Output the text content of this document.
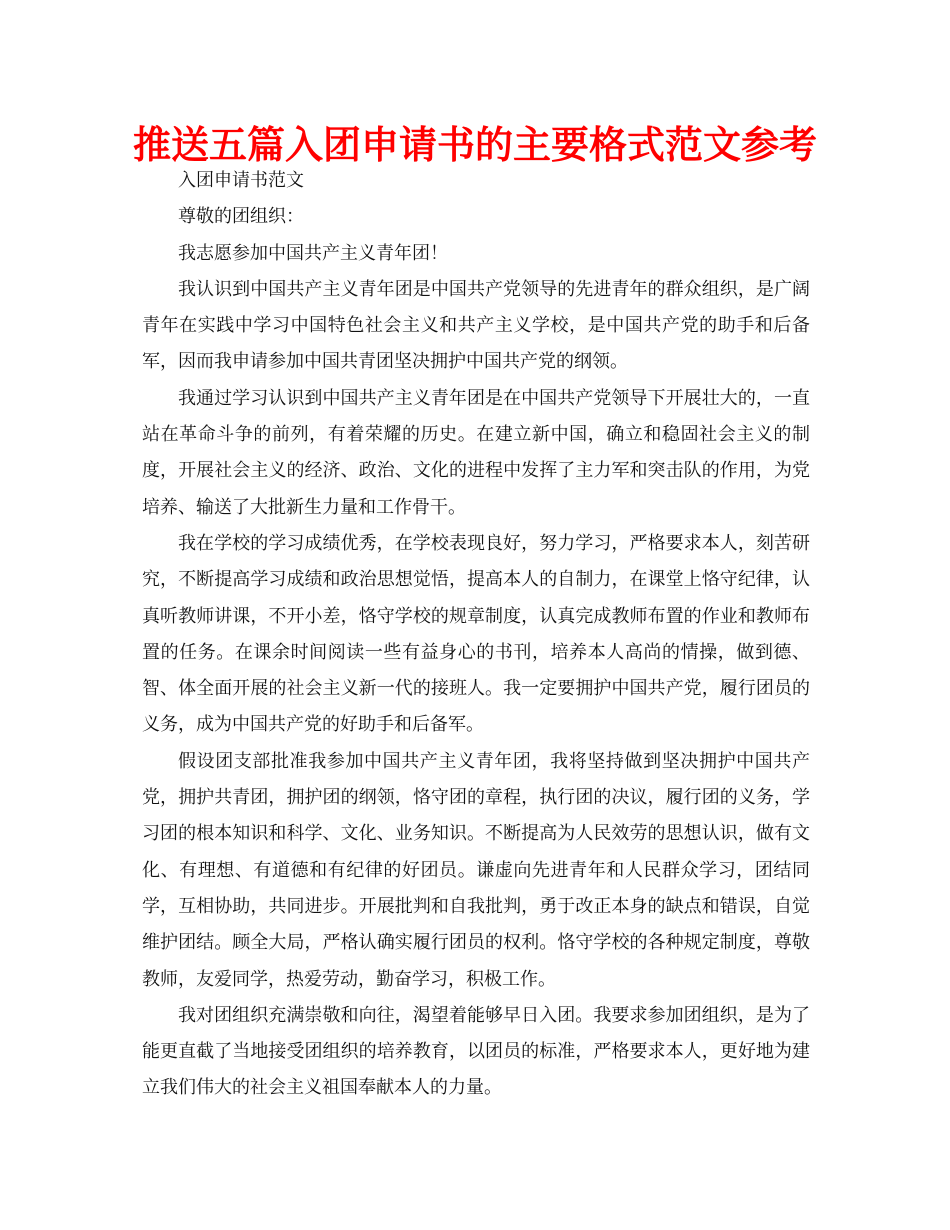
推送五篇入团申请书的主要格式范文参考

入团申请书范文

尊敬的团组织：

我志愿参加中国共产主义青年团！

我认识到中国共产主义青年团是中国共产党领导的先进青年的群众组织，是广阔青年在实践中学习中国特色社会主义和共产主义学校，是中国共产党的助手和后备军，因而我申请参加中国共青团坚决拥护中国共产党的纲领。

我通过学习认识到中国共产主义青年团是在中国共产党领导下开展壮大的，一直站在革命斗争的前列，有着荣耀的历史。在建立新中国，确立和稳固社会主义的制度，开展社会主义的经济、政治、文化的进程中发挥了主力军和突击队的作用，为党培养、输送了大批新生力量和工作骨干。

我在学校的学习成绩优秀，在学校表现良好，努力学习，严格要求本人，刻苦研究，不断提高学习成绩和政治思想觉悟，提高本人的自制力，在课堂上恪守纪律，认真听教师讲课，不开小差，恪守学校的规章制度，认真完成教师布置的作业和教师布置的任务。在课余时间阅读一些有益身心的书刊，培养本人高尚的情操，做到德、智、体全面开展的社会主义新一代的接班人。我一定要拥护中国共产党，履行团员的义务，成为中国共产党的好助手和后备军。

假设团支部批准我参加中国共产主义青年团，我将坚持做到坚决拥护中国共产党，拥护共青团，拥护团的纲领，恪守团的章程，执行团的决议，履行团的义务，学习团的根本知识和科学、文化、业务知识。不断提高为人民效劳的思想认识，做有文化、有理想、有道德和有纪律的好团员。谦虚向先进青年和人民群众学习，团结同学，互相协助，共同进步。开展批判和自我批判，勇于改正本身的缺点和错误，自觉维护团结。顾全大局，严格认确实履行团员的权利。恪守学校的各种规定制度，尊敬教师，友爱同学，热爱劳动，勤奋学习，积极工作。

我对团组织充满崇敬和向往，渴望着能够早日入团。我要求参加团组织，是为了能更直截了当地接受团组织的培养教育，以团员的标准，严格要求本人，更好地为建立我们伟大的社会主义祖国奉献本人的力量。
